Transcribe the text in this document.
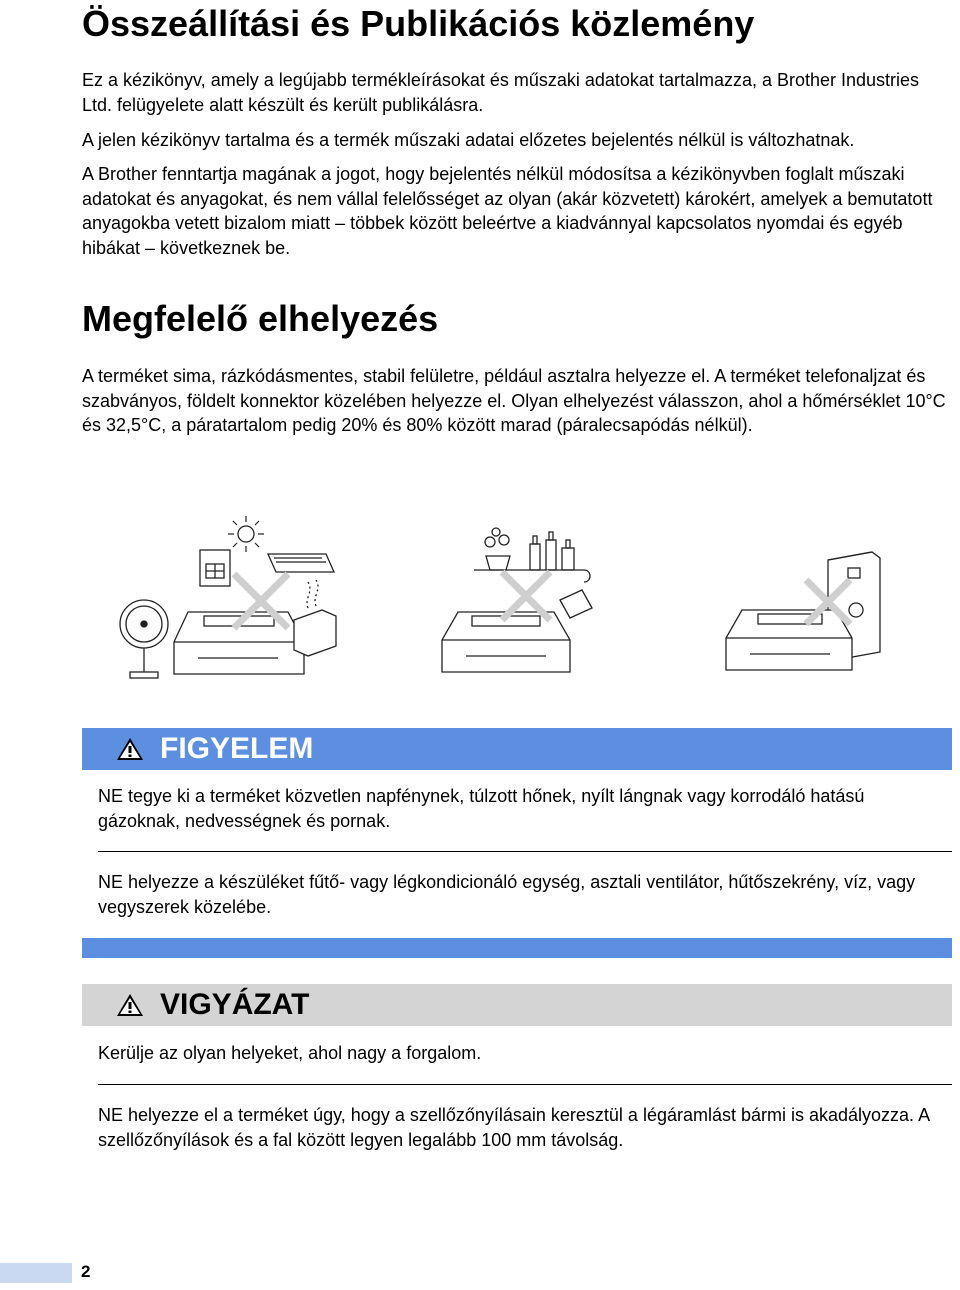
Összeállítási és Publikációs közlemény

Ez a kézikönyv, amely a legújabb termékleírásokat és műszaki adatokat tartalmazza, a Brother Industries Ltd. felügyelete alatt készült és került publikálásra.

A jelen kézikönyv tartalma és a termék műszaki adatai előzetes bejelentés nélkül is változhatnak.

A Brother fenntartja magának a jogot, hogy bejelentés nélkül módosítsa a kézikönyvben foglalt műszaki adatokat és anyagokat, és nem vállal felelősséget az olyan (akár közvetett) károkért, amelyek a bemutatott anyagokba vetett bizalom miatt – többek között beleértve a kiadvánnyal kapcsolatos nyomdai és egyéb hibákat – következnek be.

Megfelelő elhelyezés

A terméket sima, rázkódásmentes, stabil felületre, például asztalra helyezze el. A terméket telefonaljzat és szabványos, földelt konnektor közelében helyezze el. Olyan elhelyezést válasszon, ahol a hőmérséklet 10°C és 32,5°C, a páratartalom pedig 20% és 80% között marad (páralecsapódás nélkül).

FIGYELEM

NE tegye ki a terméket közvetlen napfénynek, túlzott hőnek, nyílt lángnak vagy korrodáló hatású gázoknak, nedvességnek és pornak.

NE helyezze a készüléket fűtő- vagy légkondicionáló egység, asztali ventilátor, hűtőszekrény, víz, vagy vegyszerek közelébe.

VIGYÁZAT

Kerülje az olyan helyeket, ahol nagy a forgalom.

NE helyezze el a terméket úgy, hogy a szellőzőnyílásain keresztül a légáramlást bármi is akadályozza. A szellőzőnyílások és a fal között legyen legalább 100 mm távolság.

2
